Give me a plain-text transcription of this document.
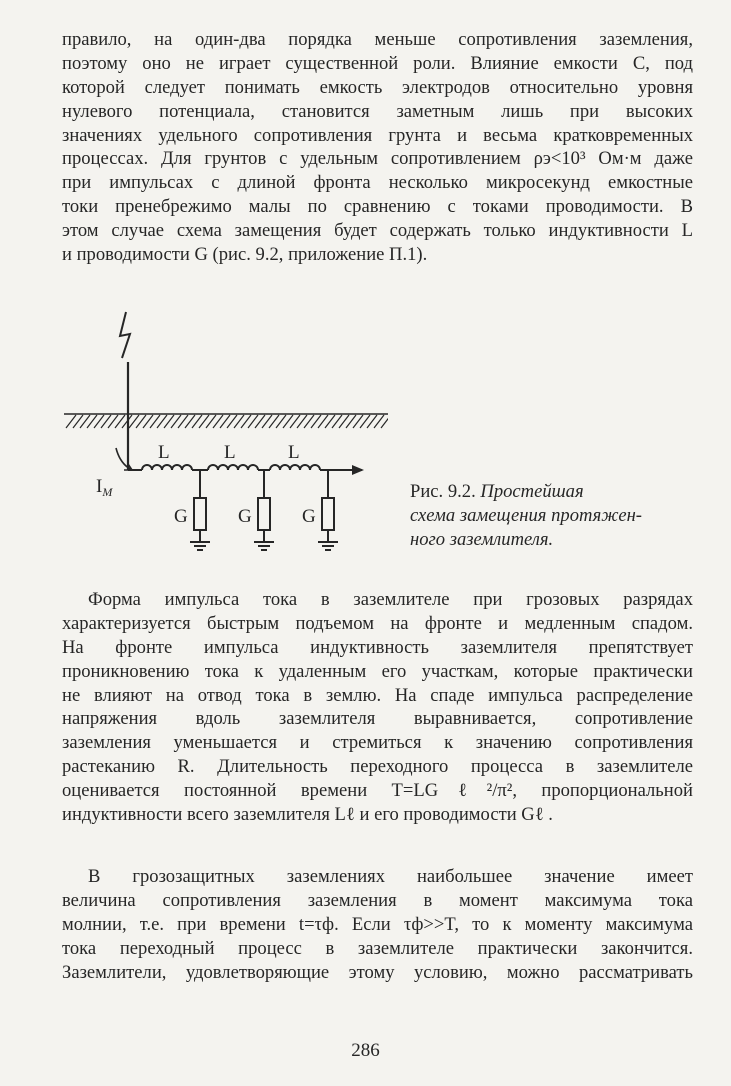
правило, на один-два порядка меньше сопротивления заземления,
поэтому оно не играет существенной роли. Влияние емкости C, под
которой следует понимать емкость электродов относительно уровня
нулевого потенциала, становится заметным лишь при высоких
значениях удельного сопротивления грунта и весьма кратковременных
процессах. Для грунтов с удельным сопротивлением ρэ<10³ Ом·м даже
при импульсах с длиной фронта несколько микросекунд емкостные
токи пренебрежимо малы по сравнению с токами проводимости. В
этом случае схема замещения будет содержать только индуктивности L
и проводимости G (рис. 9.2, приложение П.1).
$I_M$
L	L	L
G	G	G

Рис. 9.2. Простейшая
схема замещения протяжен-
ного заземлителя.

Форма импульса тока в заземлителе при грозовых разрядах
характеризуется быстрым подъемом на фронте и медленным спадом.
На фронте импульса индуктивность заземлителя препятствует
проникновению тока к удаленным его участкам, которые практически
не влияют на отвод тока в землю. На спаде импульса распределение
напряжения вдоль заземлителя выравнивается, сопротивление
заземления уменьшается и стремиться к значению сопротивления
растеканию R. Длительность переходного процесса в заземлителе
оценивается постоянной времени T=LGℓ²/π², пропорциональной
индуктивности всего заземлителя Lℓ и его проводимости Gℓ .
В грозозащитных заземлениях наибольшее значение имеет
величина сопротивления заземления в момент максимума тока
молнии, т.е. при времени t=τф. Если τф>>T, то к моменту максимума
тока переходный процесс в заземлителе практически закончится.
Заземлители, удовлетворяющие этому условию, можно рассматривать
286
